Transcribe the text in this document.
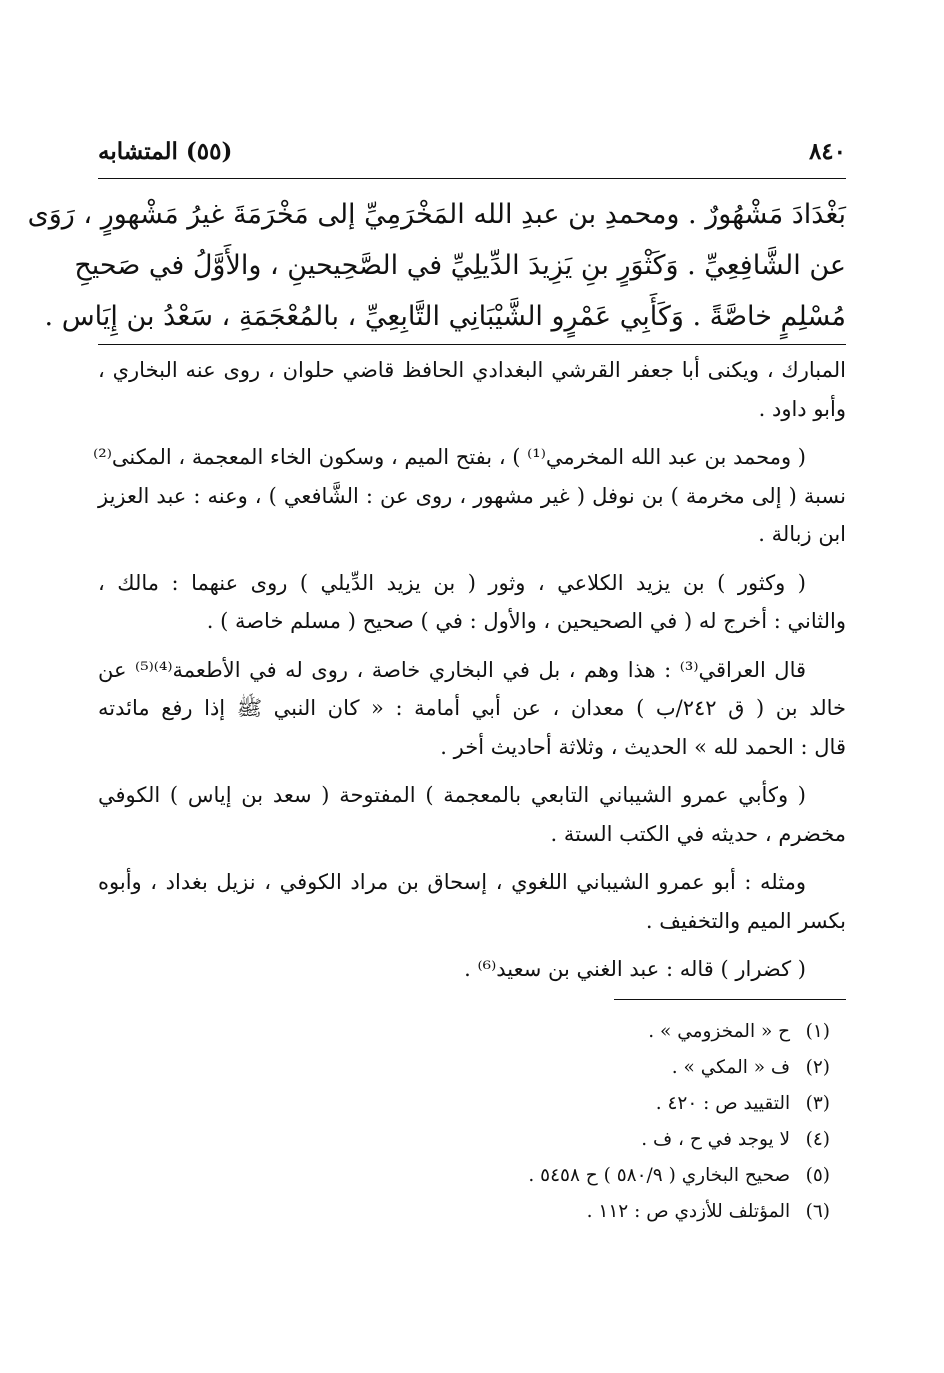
٨٤٠
(٥٥) المتشابه
بَغْدَادَ مَشْهُورٌ . ومحمدِ بن عبدِ الله المَخْرَمِيِّ إلى مَخْرَمَةَ غيرُ مَشْهورٍ ، رَوَى
عن الشَّافِعِيِّ . وَكَثْوَرٍ بنِ يَزِيدَ الدِّيلِيِّ في الصَّحِيحينِ ، والأَوَّلُ في صَحيحِ
مُسْلِمٍ خاصَّةً . وَكَأَبِي عَمْرٍو الشَّيْبَانِي التَّابِعِيِّ ، بالمُعْجَمَةِ ، سَعْدُ بن إِيَاس .
المبارك ، ويكنى أبا جعفر القرشي البغدادي الحافظ قاضي حلوان ، روى عنه البخاري ،
وأبو داود .
( ومحمد بن عبد الله المخرمي⁽¹⁾ ) ، بفتح الميم ، وسكون الخاء المعجمة ، المكنى⁽²⁾
نسبة ( إلى مخرمة ) بن نوفل ( غير مشهور ، روى عن : الشَّافعي ) ، وعنه : عبد العزيز
ابن زبالة .
( وكثور ) بن يزيد الكلاعي ، وثور ( بن يزيد الدِّيلي ) روى عنهما : مالك ،
والثاني : أخرج له ( في الصحيحين ، والأول : في ) صحيح ( مسلم خاصة ) .
قال العراقي⁽³⁾ : هذا وهم ، بل في البخاري خاصة ، روى له في الأطعمة⁽⁴⁾⁽⁵⁾ عن
خالد بن ( ق ٢٤٢/ب ) معدان ، عن أبي أمامة : « كان النبي ﷺ إذا رفع مائدته
قال : الحمد لله » الحديث ، وثلاثة أحاديث أخر .
( وكأبي عمرو الشيباني التابعي بالمعجمة ) المفتوحة ( سعد بن إياس ) الكوفي
مخضرم ، حديثه في الكتب الستة .
ومثله : أبو عمرو الشيباني اللغوي ، إسحاق بن مراد الكوفي ، نزيل بغداد ، وأبوه
بكسر الميم والتخفيف .
( كضرار ) قاله : عبد الغني بن سعيد⁽⁶⁾ .
(١) ح « المخزومي » .
(٢) ف « المكي » .
(٣) التقييد ص : ٤٢٠ .
(٤) لا يوجد في ح ، ف .
(٥) صحيح البخاري ( ٥٨٠/٩ ) ح ٥٤٥٨ .
(٦) المؤتلف للأزدي ص : ١١٢ .
